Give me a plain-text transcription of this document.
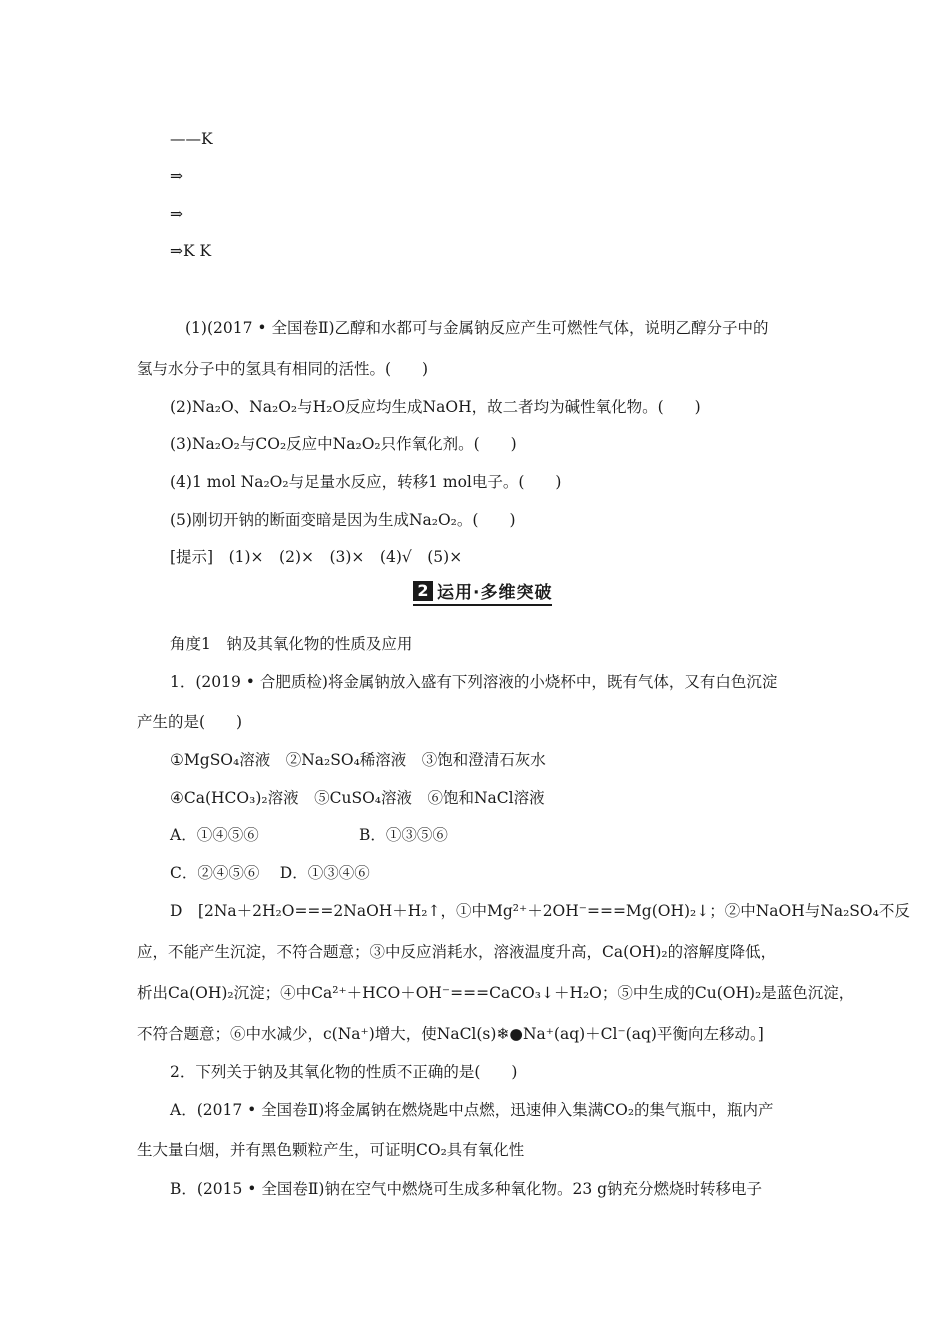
——K
⇒
⇒
⇒K K
(1)(2017 • 全国卷Ⅱ)乙醇和水都可与金属钠反应产生可燃性气体，说明乙醇分子中的
氢与水分子中的氢具有相同的活性。(　　)
(2)Na₂O、Na₂O₂与H₂O反应均生成NaOH，故二者均为碱性氧化物。(　　)
(3)Na₂O₂与CO₂反应中Na₂O₂只作氧化剂。(　　)
(4)1 mol Na₂O₂与足量水反应，转移1 mol电子。(　　)
(5)刚切开钠的断面变暗是因为生成Na₂O₂。(　　)
[提示]　(1)×　(2)×　(3)×　(4)√　(5)×
2 运用·多维突破
角度1　钠及其氧化物的性质及应用
1．(2019 • 合肥质检)将金属钠放入盛有下列溶液的小烧杯中，既有气体，又有白色沉淀
产生的是(　　)
①MgSO₄溶液　②Na₂SO₄稀溶液　③饱和澄清石灰水
④Ca(HCO₃)₂溶液　⑤CuSO₄溶液　⑥饱和NaCl溶液
A．①④⑤⑥	B．①③⑤⑥
C．②④⑤⑥　 D．①③④⑥
D　[2Na＋2H₂O===2NaOH＋H₂↑，①中Mg²⁺＋2OH⁻===Mg(OH)₂↓；②中NaOH与Na₂SO₄不反
应，不能产生沉淀，不符合题意；③中反应消耗水，溶液温度升高，Ca(OH)₂的溶解度降低，
析出Ca(OH)₂沉淀；④中Ca²⁺＋HCO＋OH⁻===CaCO₃↓＋H₂O；⑤中生成的Cu(OH)₂是蓝色沉淀，
不符合题意；⑥中水减少，c(Na⁺)增大，使NaCl(s)❄●Na⁺(aq)＋Cl⁻(aq)平衡向左移动。]
2．下列关于钠及其氧化物的性质不正确的是(　　)
A．(2017 • 全国卷Ⅱ)将金属钠在燃烧匙中点燃，迅速伸入集满CO₂的集气瓶中，瓶内产
生大量白烟，并有黑色颗粒产生，可证明CO₂具有氧化性
B．(2015 • 全国卷Ⅱ)钠在空气中燃烧可生成多种氧化物。23 g钠充分燃烧时转移电子
